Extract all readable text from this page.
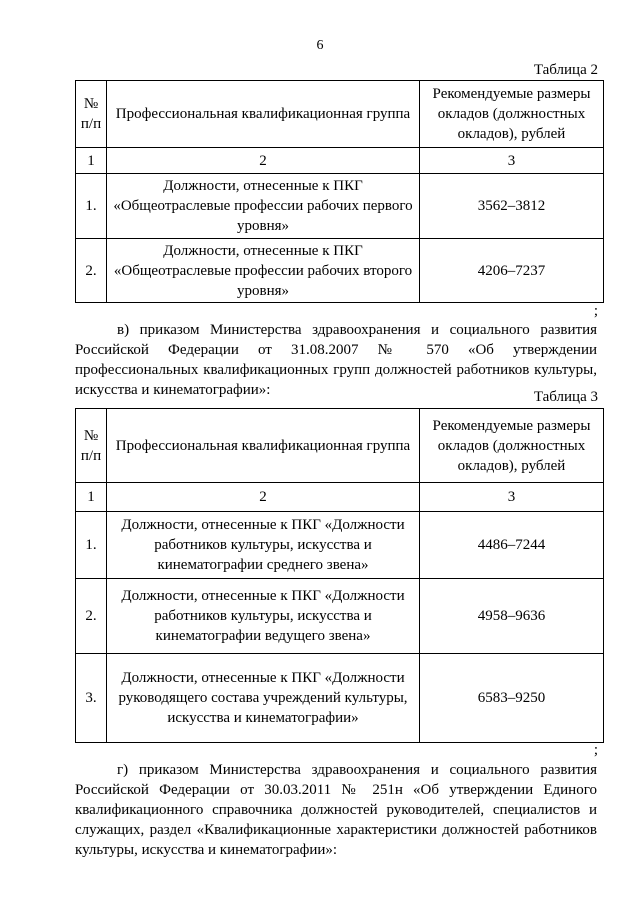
6
Таблица 2
№ п/п	Профессиональная квалификационная группа	Рекомендуемые размеры окладов (должностных окладов), рублей
1	2	3
1.	Должности, отнесенные к ПКГ «Общеотраслевые профессии рабочих первого уровня»	3562–3812
2.	Должности, отнесенные к ПКГ «Общеотраслевые профессии рабочих второго уровня»	4206–7237
;
в) приказом Министерства здравоохранения и социального развития Российской Федерации от 31.08.2007 № 570 «Об утверждении профессиональных квалификационных групп должностей работников культуры, искусства и кинематографии»:	Таблица 3
№ п/п	Профессиональная квалификационная группа	Рекомендуемые размеры окладов (должностных окладов), рублей
1	2	3
1.	Должности, отнесенные к ПКГ «Должности работников культуры, искусства и кинематографии среднего звена»	4486–7244
2.	Должности, отнесенные к ПКГ «Должности работников культуры, искусства и кинематографии ведущего звена»	4958–9636
3.	Должности, отнесенные к ПКГ «Должности руководящего состава учреждений культуры, искусства и кинематографии»	6583–9250
;
г) приказом Министерства здравоохранения и социального развития Российской Федерации от 30.03.2011 № 251н «Об утверждении Единого квалификационного справочника должностей руководителей, специалистов и служащих, раздел «Квалификационные характеристики должностей работников культуры, искусства и кинематографии»:
